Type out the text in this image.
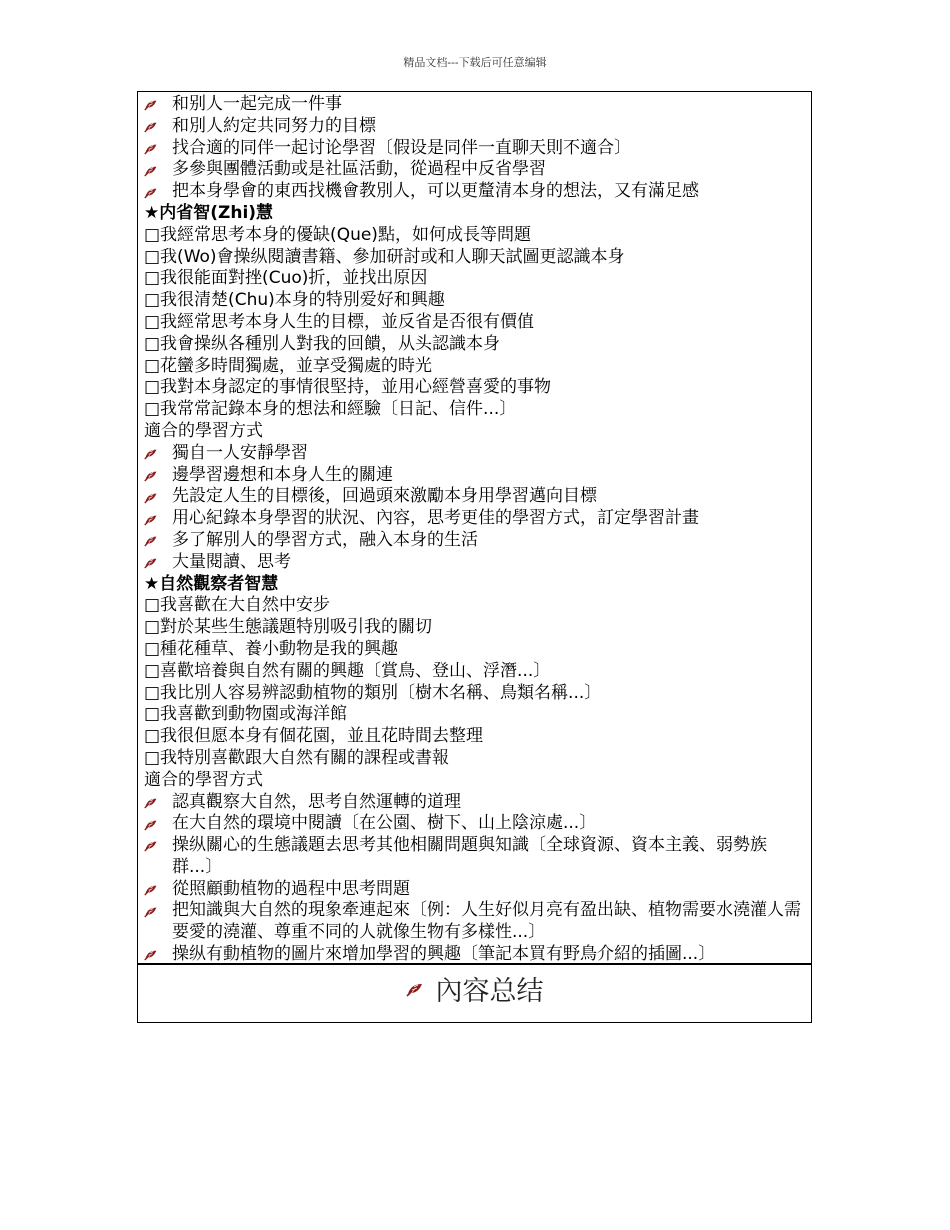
精品文档---下载后可任意编辑
和别人一起完成一件事
和別人約定共同努力的目標
找合適的同伴一起讨论學習〔假设是同伴一直聊天則不適合〕
多參與團體活動或是社區活動，從過程中反省學習
把本身學會的東西找機會教別人，可以更釐清本身的想法，又有滿足感
★内省智(Zhi)慧
□我經常思考本身的優缺(Que)點，如何成長等問題
□我(Wo)會操纵閱讀書籍、參加研討或和人聊天試圖更認識本身
□我很能面對挫(Cuo)折，並找出原因
□我很清楚(Chu)本身的特別爱好和興趣
□我經常思考本身人生的目標，並反省是否很有價值
□我會操纵各種別人對我的回饋，从头認識本身
□花蠻多時間獨處，並享受獨處的時光
□我對本身認定的事情很堅持，並用心經營喜愛的事物
□我常常記錄本身的想法和經驗〔日記、信件...〕
適合的學習方式
獨自一人安靜學習
邊學習邊想和本身人生的關連
先設定人生的目標後，回過頭來激勵本身用學習邁向目標
用心紀錄本身學習的狀況、內容，思考更佳的學習方式，訂定學習計畫
多了解別人的學習方式，融入本身的生活
大量閱讀、思考
★自然觀察者智慧
□我喜歡在大自然中安步
□對於某些生態議題特別吸引我的關切
□種花種草、養小動物是我的興趣
□喜歡培養與自然有關的興趣〔賞鳥、登山、浮潛...〕
□我比別人容易辨認動植物的類別〔樹木名稱、鳥類名稱...〕
□我喜歡到動物園或海洋館
□我很但愿本身有個花園，並且花時間去整理
□我特別喜歡跟大自然有關的課程或書報
適合的學習方式
認真觀察大自然，思考自然運轉的道理
在大自然的環境中閱讀〔在公園、樹下、山上陰涼處...〕
操纵關心的生態議題去思考其他相關問題與知識〔全球資源、資本主義、弱勢族群...〕
從照顧動植物的過程中思考問題
把知識與大自然的現象牽連起來〔例：人生好似月亮有盈出缺、植物需要水澆灌人需要愛的澆灌、尊重不同的人就像生物有多樣性...〕
操纵有動植物的圖片來增加學習的興趣〔筆記本買有野鳥介紹的插圖...〕
內容总结
